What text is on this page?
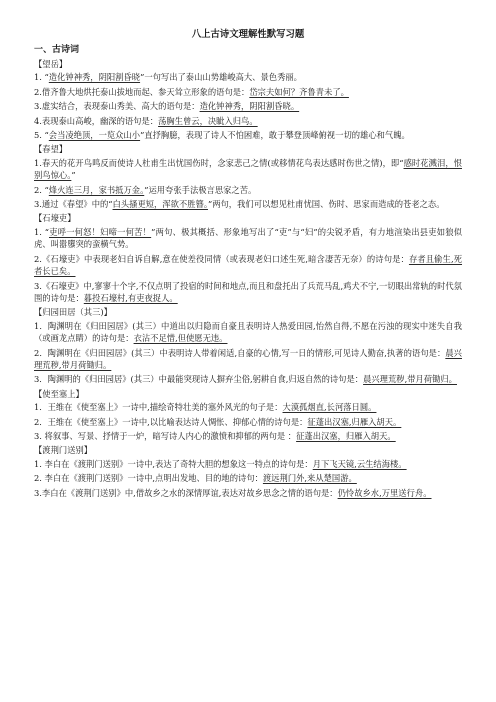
八上古诗文理解性默写习题
一、古诗词
【望岳】
1. “造化钟神秀，阴阳割昏晓”一句写出了泰山山势雄峻高大、景色秀丽。
2.借齐鲁大地烘托泰山拔地而起、参天耸立形象的语句是：岱宗夫如何？齐鲁青未了。
3.虚实结合，表现泰山秀美、高大的语句是：造化钟神秀，阴阳割昏晓。
4.表现泰山高峻，幽深的语句是：荡胸生曾云，决眦入归鸟。
5. “会当凌绝顶，一览众山小”直抒胸臆，表现了诗人不怕困难，敢于攀登顶峰俯视一切的雄心和气魄。
【春望】
1.春天的花开鸟鸣反而使诗人杜甫生出忧国伤时，念家悲己之情(或移情花鸟表达感时伤世之情)，即“感时花溅泪，恨别鸟惊心。”
2. “烽火连三月，家书抵万金。”运用夸张手法极言思家之苦。
3.通过《春望》中的“白头搔更短，浑欲不胜簪。”两句，我们可以想见杜甫忧国、伤时、思家而造成的苍老之态。
【石壕吏】
1. “吏呼一何怒！妇啼一何苦！”两句、极其概括、形象地写出了“吏”与“妇”的尖锐矛盾，有力地渲染出县吏如狼似虎、叫嚣隳突的蛮横气势。
2.《石壕吏》中表现老妇自诉自解,意在使差役同情（或表现老妇口述生死,暗含凄苦无奈）的诗句是：存者且偷生,死者长已矣。
3.《石壕吏》中,寥寥十个字,不仅点明了投宿的时间和地点,而且和盘托出了兵荒马乱,鸡犬不宁,一切眼出常轨的时代氛围的诗句是：暮投石壕村,有吏夜捉人。
【归园田居（其三)】
1．陶渊明在《归田园居》(其三）中道出以归隐而自豪且表明诗人热爱田园,怡然自得,不愿在污浊的现实中迷失自我（或画龙点睛）的诗句是：衣沾不足惜,但使愿无违。
2．陶渊明在《归田园居》(其三）中表明诗人带着闲适,自豪的心情,写一日的情形,可见诗人勤奋,执著的语句是：晨兴理荒秽,带月荷锄归。
3．陶渊明的《归田园居》(其三）中最能突现诗人摒弃尘俗,躬耕自食,归返自然的诗句是：晨兴理荒秽,带月荷锄归。
【使至塞上】
1．王维在《使至塞上》一诗中,描绘奇特壮美的塞外风光的句子是：大漠孤烟直,长河落日圆。
2．王维在《使至塞上》一诗中,以比喻表达诗人惆怅、抑郁心情的诗句是：征蓬出汉塞,归雁入胡天。
3. 将叙事、写景、抒情于一炉，暗写诗人内心的激愤和抑郁的两句是 ：征蓬出汉塞，归雁入胡天。
【渡荆门送别】
1. 李白在《渡荆门送别》一诗中,表达了奇特大胆的想象这一特点的诗句是：月下飞天镜,云生结海楼。
2. 李白在《渡荆门送别》一诗中,点明出发地、目的地的诗句：渡远荆门外,来从楚国游。
3.李白在《渡荆门送别》中,借故乡之水的深情厚谊,表达对故乡思念之情的语句是：仍怜故乡水,万里送行舟。
